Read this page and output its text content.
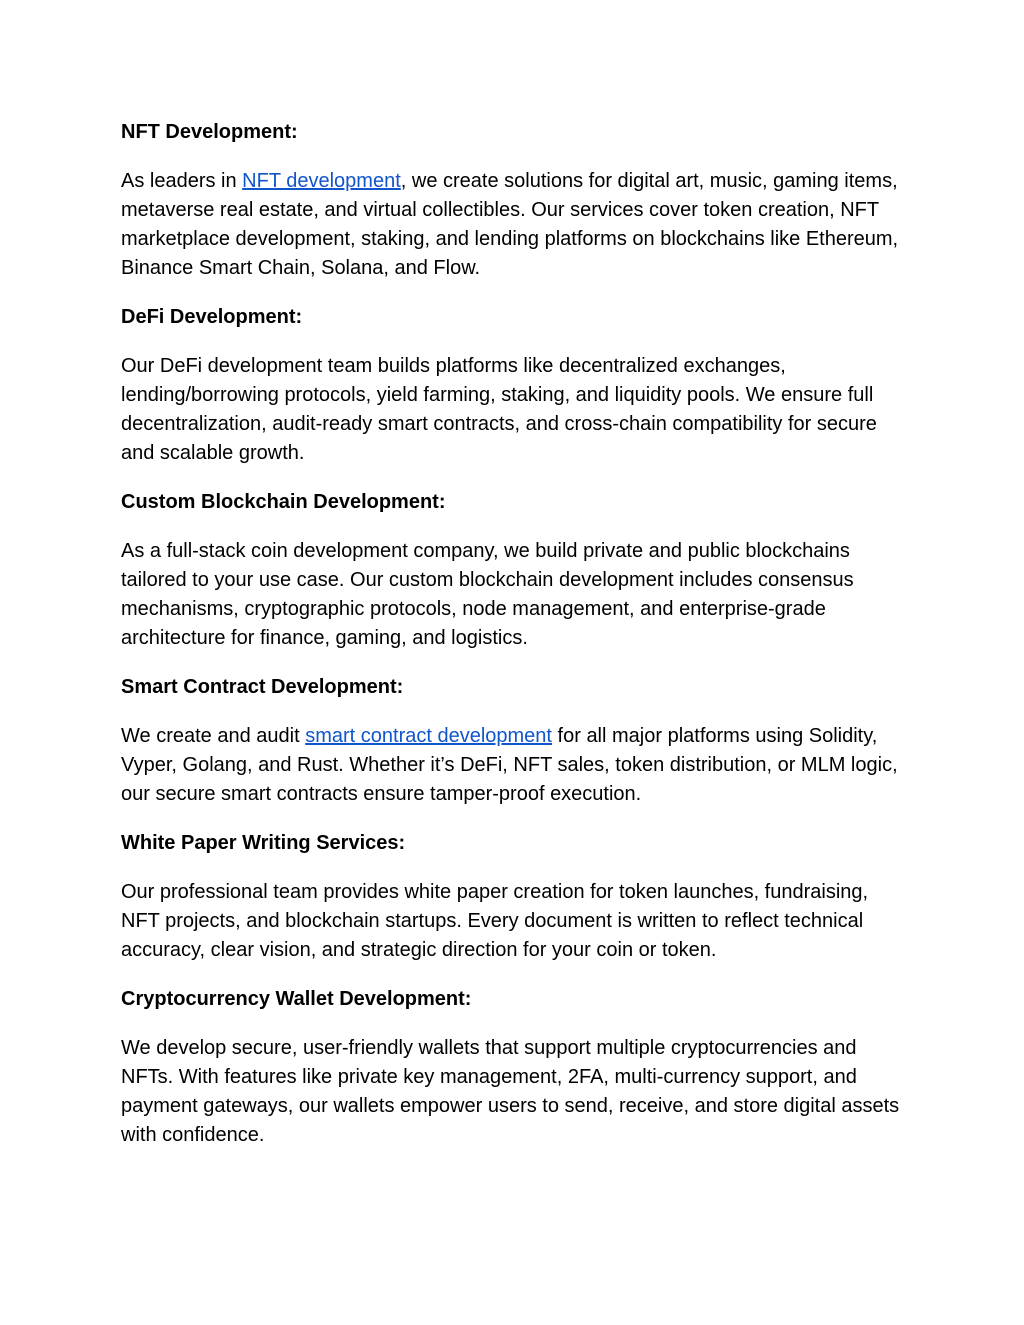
NFT Development:

As leaders in NFT development, we create solutions for digital art, music, gaming items, metaverse real estate, and virtual collectibles. Our services cover token creation, NFT marketplace development, staking, and lending platforms on blockchains like Ethereum, Binance Smart Chain, Solana, and Flow.

DeFi Development:

Our DeFi development team builds platforms like decentralized exchanges, lending/borrowing protocols, yield farming, staking, and liquidity pools. We ensure full decentralization, audit-ready smart contracts, and cross-chain compatibility for secure and scalable growth.

Custom Blockchain Development:

As a full-stack coin development company, we build private and public blockchains tailored to your use case. Our custom blockchain development includes consensus mechanisms, cryptographic protocols, node management, and enterprise-grade architecture for finance, gaming, and logistics.

Smart Contract Development:

We create and audit smart contract development for all major platforms using Solidity, Vyper, Golang, and Rust. Whether it’s DeFi, NFT sales, token distribution, or MLM logic, our secure smart contracts ensure tamper-proof execution.

White Paper Writing Services:

Our professional team provides white paper creation for token launches, fundraising, NFT projects, and blockchain startups. Every document is written to reflect technical accuracy, clear vision, and strategic direction for your coin or token.

Cryptocurrency Wallet Development:

We develop secure, user-friendly wallets that support multiple cryptocurrencies and NFTs. With features like private key management, 2FA, multi-currency support, and payment gateways, our wallets empower users to send, receive, and store digital assets with confidence.
